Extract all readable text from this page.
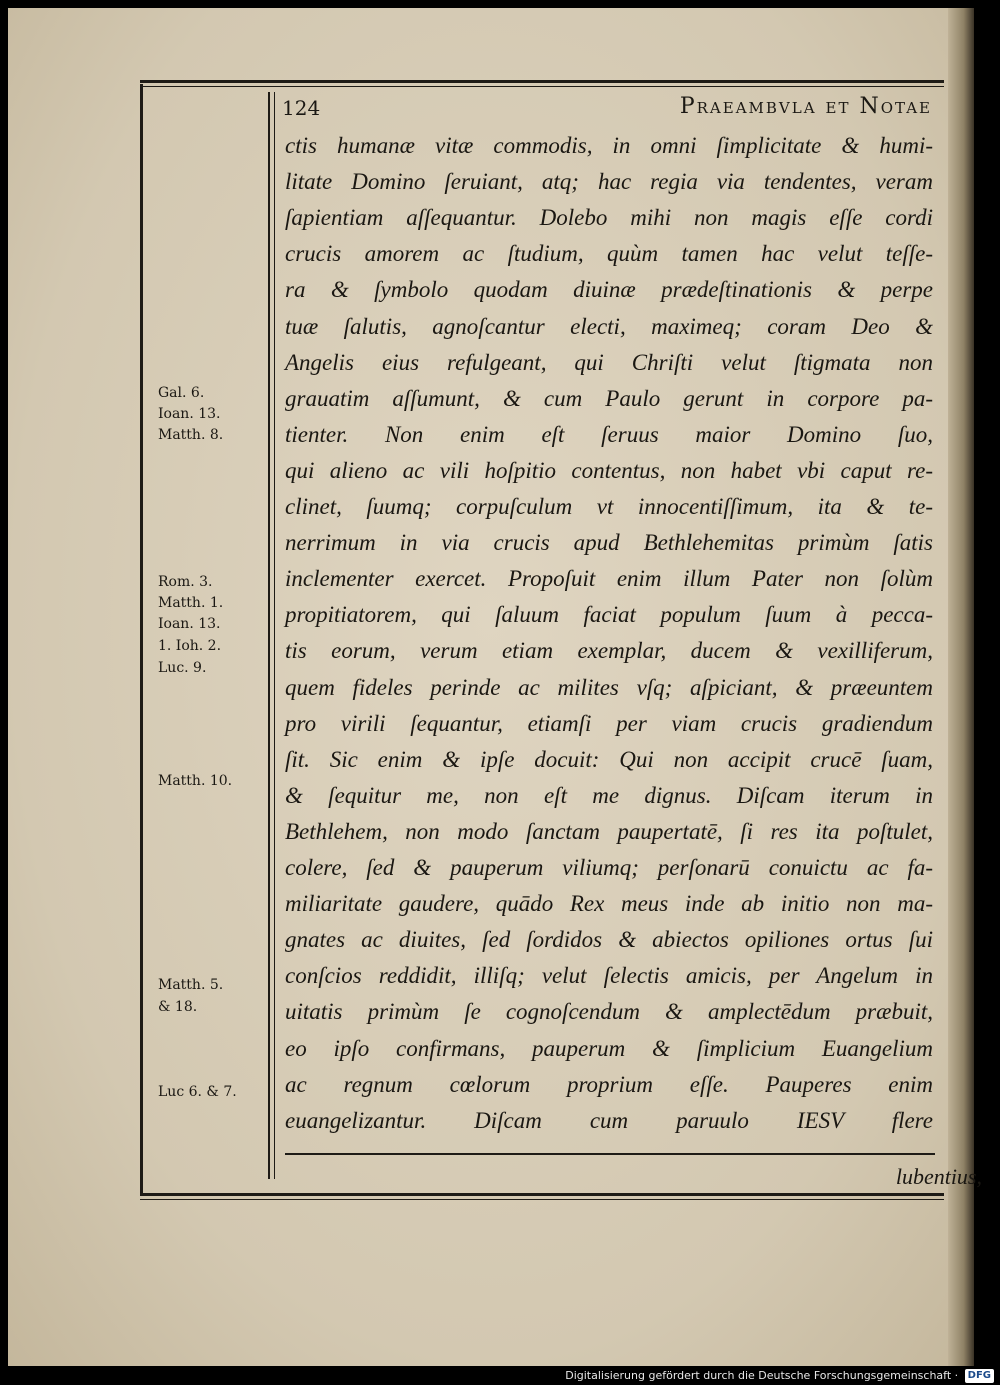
124	Praeambvla et Notae
Gal. 6.
Ioan. 13.
Matth. 8.
Rom. 3.
Matth. 1.
Ioan. 13.
1. Ioh. 2.
Luc. 9.
Matth. 10.
Matth. 5.
& 18.
Luc 6. & 7.
ctis humanæ vitæ commodis, in omni ſimplicitate & humi-
litate Domino ſeruiant, atq; hac regia via tendentes, veram
ſapientiam aſſequantur. Dolebo mihi non magis eſſe cordi
crucis amorem ac ſtudium, quùm tamen hac velut teſſe-
ra & ſymbolo quodam diuinæ prædeſtinationis & perpe
tuæ ſalutis, agnoſcantur electi, maximeq; coram Deo &
Angelis eius refulgeant, qui Chriſti velut ſtigmata non
grauatim aſſumunt, & cum Paulo gerunt in corpore pa-
tienter. Non enim eſt ſeruus maior Domino ſuo,
qui alieno ac vili hoſpitio contentus, non habet vbi caput re-
clinet, ſuumq; corpuſculum vt innocentiſſimum, ita & te-
nerrimum in via crucis apud Bethlehemitas primùm ſatis
inclementer exercet. Propoſuit enim illum Pater non ſolùm
propitiatorem, qui ſaluum faciat populum ſuum à pecca-
tis eorum, verum etiam exemplar, ducem & vexilliferum,
quem fideles perinde ac milites vſq; aſpiciant, & præeuntem
pro virili ſequantur, etiamſi per viam crucis gradiendum
ſit. Sic enim & ipſe docuit: Qui non accipit crucē ſuam,
& ſequitur me, non eſt me dignus. Diſcam iterum in
Bethlehem, non modo ſanctam paupertatē, ſi res ita poſtulet,
colere, ſed & pauperum viliumq; perſonarū conuictu ac fa-
miliaritate gaudere, quādo Rex meus inde ab initio non ma-
gnates ac diuites, ſed ſordidos & abiectos opiliones ortus ſui
conſcios reddidit, illiſq; velut ſelectis amicis, per Angelum in
uitatis primùm ſe cognoſcendum & amplectēdum præbuit,
eo ipſo confirmans, pauperum & ſimplicium Euangelium
ac regnum cœlorum proprium eſſe. Pauperes enim
euangelizantur. Diſcam cum paruulo IESV flere
lubentius,
Digitalisierung gefördert durch die Deutsche Forschungsgemeinschaft · DFG
